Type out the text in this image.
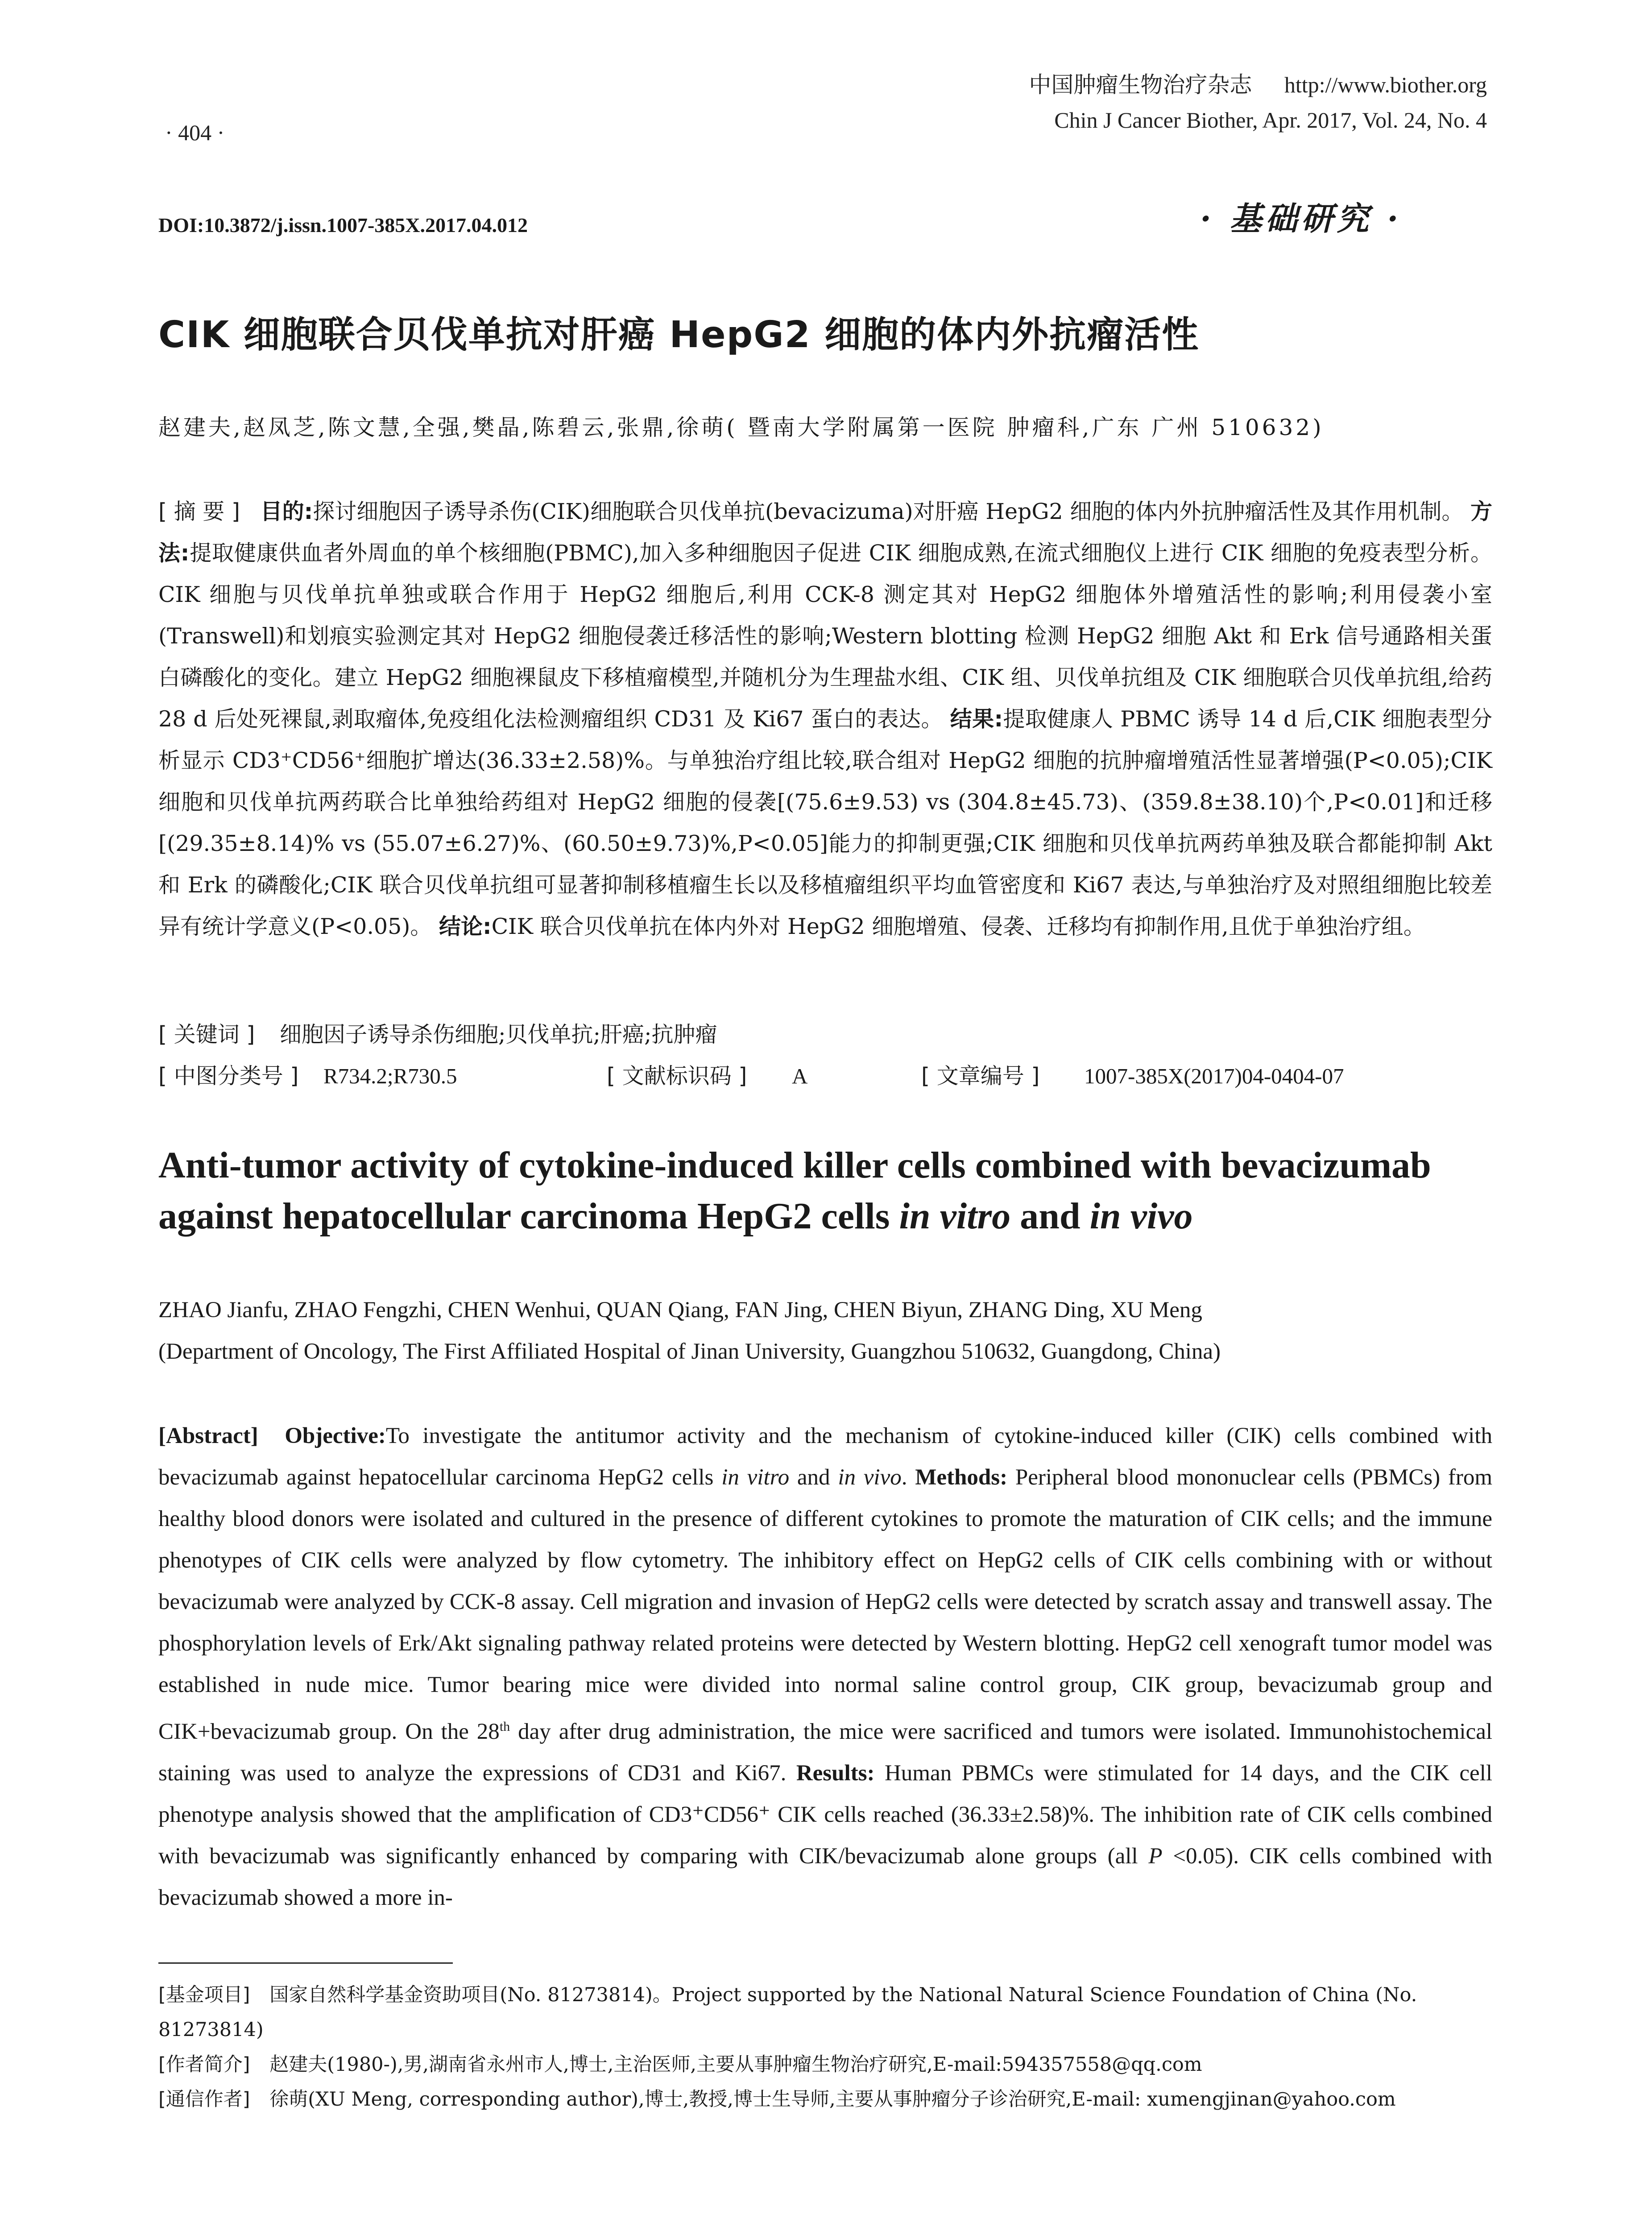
中国肿瘤生物治疗杂志 http://www.biother.org
Chin J Cancer Biother, Apr. 2017, Vol. 24, No. 4
· 404 ·
DOI:10.3872/j.issn.1007-385X.2017.04.012	· 基础研究 ·
CIK 细胞联合贝伐单抗对肝癌 HepG2 细胞的体内外抗瘤活性
赵建夫,赵凤芝,陈文慧,全强,樊晶,陈碧云,张鼎,徐萌( 暨南大学附属第一医院 肿瘤科,广东 广州 510632)
[ 摘 要 ] 目的:探讨细胞因子诱导杀伤(CIK)细胞联合贝伐单抗(bevacizuma)对肝癌 HepG2 细胞的体内外抗肿瘤活性及其作用机制。 方法:提取健康供血者外周血的单个核细胞(PBMC),加入多种细胞因子促进 CIK 细胞成熟,在流式细胞仪上进行 CIK 细胞的免疫表型分析。CIK 细胞与贝伐单抗单独或联合作用于 HepG2 细胞后,利用 CCK-8 测定其对 HepG2 细胞体外增殖活性的影响;利用侵袭小室(Transwell)和划痕实验测定其对 HepG2 细胞侵袭迁移活性的影响;Western blotting 检测 HepG2 细胞 Akt 和 Erk 信号通路相关蛋白磷酸化的变化。建立 HepG2 细胞裸鼠皮下移植瘤模型,并随机分为生理盐水组、CIK 组、贝伐单抗组及 CIK 细胞联合贝伐单抗组,给药 28 d 后处死裸鼠,剥取瘤体,免疫组化法检测瘤组织 CD31 及 Ki67 蛋白的表达。 结果:提取健康人 PBMC 诱导 14 d 后,CIK 细胞表型分析显示 CD3⁺CD56⁺细胞扩增达(36.33±2.58)%。与单独治疗组比较,联合组对 HepG2 细胞的抗肿瘤增殖活性显著增强(P<0.05);CIK 细胞和贝伐单抗两药联合比单独给药组对 HepG2 细胞的侵袭[(75.6±9.53) vs (304.8±45.73)、(359.8±38.10)个,P<0.01]和迁移[(29.35±8.14)% vs (55.07±6.27)%、(60.50±9.73)%,P<0.05]能力的抑制更强;CIK 细胞和贝伐单抗两药单独及联合都能抑制 Akt 和 Erk 的磷酸化;CIK 联合贝伐单抗组可显著抑制移植瘤生长以及移植瘤组织平均血管密度和 Ki67 表达,与单独治疗及对照组细胞比较差异有统计学意义(P<0.05)。 结论:CIK 联合贝伐单抗在体内外对 HepG2 细胞增殖、侵袭、迁移均有抑制作用,且优于单独治疗组。
[ 关键词 ] 细胞因子诱导杀伤细胞;贝伐单抗;肝癌;抗肿瘤
[ 中图分类号 ] R734.2;R730.5	[ 文献标识码 ] A	[ 文章编号 ] 1007-385X(2017)04-0404-07
Anti-tumor activity of cytokine-induced killer cells combined with bevacizumab
against hepatocellular carcinoma HepG2 cells in vitro and in vivo
ZHAO Jianfu, ZHAO Fengzhi, CHEN Wenhui, QUAN Qiang, FAN Jing, CHEN Biyun, ZHANG Ding, XU Meng
(Department of Oncology, The First Affiliated Hospital of Jinan University, Guangzhou 510632, Guangdong, China)
[Abstract] Objective:To investigate the antitumor activity and the mechanism of cytokine-induced killer (CIK) cells combined with bevacizumab against hepatocellular carcinoma HepG2 cells in vitro and in vivo. Methods: Peripheral blood mononuclear cells (PBMCs) from healthy blood donors were isolated and cultured in the presence of different cytokines to promote the maturation of CIK cells; and the immune phenotypes of CIK cells were analyzed by flow cytometry. The inhibitory effect on HepG2 cells of CIK cells combining with or without bevacizumab were analyzed by CCK-8 assay. Cell migration and invasion of HepG2 cells were detected by scratch assay and transwell assay. The phosphorylation levels of Erk/Akt signaling pathway related proteins were detected by Western blotting. HepG2 cell xenograft tumor model was established in nude mice. Tumor bearing mice were divided into normal saline control group, CIK group, bevacizumab group and CIK+bevacizumab group. On the 28th day after drug administration, the mice were sacrificed and tumors were isolated. Immunohistochemical staining was used to analyze the expressions of CD31 and Ki67. Results: Human PBMCs were stimulated for 14 days, and the CIK cell phenotype analysis showed that the amplification of CD3⁺CD56⁺ CIK cells reached (36.33±2.58)%. The inhibition rate of CIK cells combined with bevacizumab was significantly enhanced by comparing with CIK/bevacizumab alone groups (all P <0.05). CIK cells combined with bevacizumab showed a more in-
[基金项目] 国家自然科学基金资助项目(No. 81273814)。Project supported by the National Natural Science Foundation of China (No. 81273814)
[作者简介] 赵建夫(1980-),男,湖南省永州市人,博士,主治医师,主要从事肿瘤生物治疗研究,E-mail:594357558@qq.com
[通信作者] 徐萌(XU Meng, corresponding author),博士,教授,博士生导师,主要从事肿瘤分子诊治研究,E-mail: xumengjinan@yahoo.com
